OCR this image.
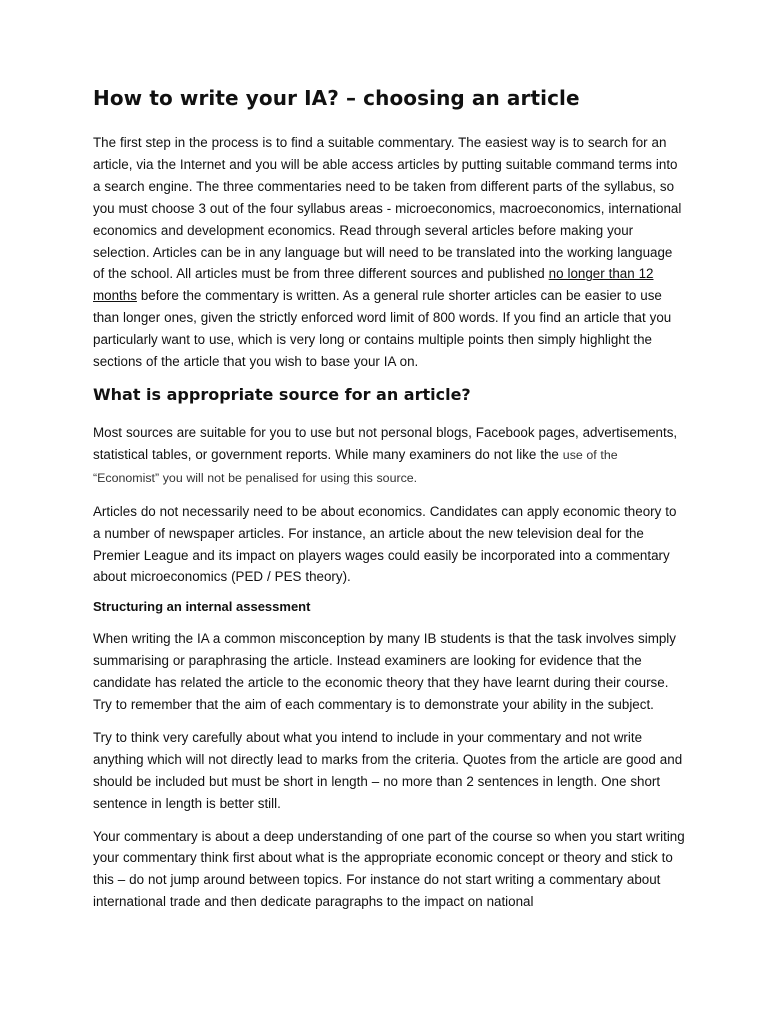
How to write your IA? – choosing an article

The first step in the process is to find a suitable commentary. The easiest way is to search for an article, via the Internet and you will be able access articles by putting suitable command terms into a search engine. The three commentaries need to be taken from different parts of the syllabus, so you must choose 3 out of the four syllabus areas - microeconomics, macroeconomics, international economics and development economics. Read through several articles before making your selection. Articles can be in any language but will need to be translated into the working language of the school. All articles must be from three different sources and published no longer than 12 months before the commentary is written. As a general rule shorter articles can be easier to use than longer ones, given the strictly enforced word limit of 800 words. If you find an article that you particularly want to use, which is very long or contains multiple points then simply highlight the sections of the article that you wish to base your IA on.

What is appropriate source for an article?

Most sources are suitable for you to use but not personal blogs, Facebook pages, advertisements, statistical tables, or government reports. While many examiners do not like the use of the “Economist” you will not be penalised for using this source.

Articles do not necessarily need to be about economics. Candidates can apply economic theory to a number of newspaper articles. For instance, an article about the new television deal for the Premier League and its impact on players wages could easily be incorporated into a commentary about microeconomics (PED / PES theory).

Structuring an internal assessment

When writing the IA a common misconception by many IB students is that the task involves simply summarising or paraphrasing the article. Instead examiners are looking for evidence that the candidate has related the article to the economic theory that they have learnt during their course. Try to remember that the aim of each commentary is to demonstrate your ability in the subject.

Try to think very carefully about what you intend to include in your commentary and not write anything which will not directly lead to marks from the criteria. Quotes from the article are good and should be included but must be short in length – no more than 2 sentences in length. One short sentence in length is better still.

Your commentary is about a deep understanding of one part of the course so when you start writing your commentary think first about what is the appropriate economic concept or theory and stick to this – do not jump around between topics. For instance do not start writing a commentary about international trade and then dedicate paragraphs to the impact on national
